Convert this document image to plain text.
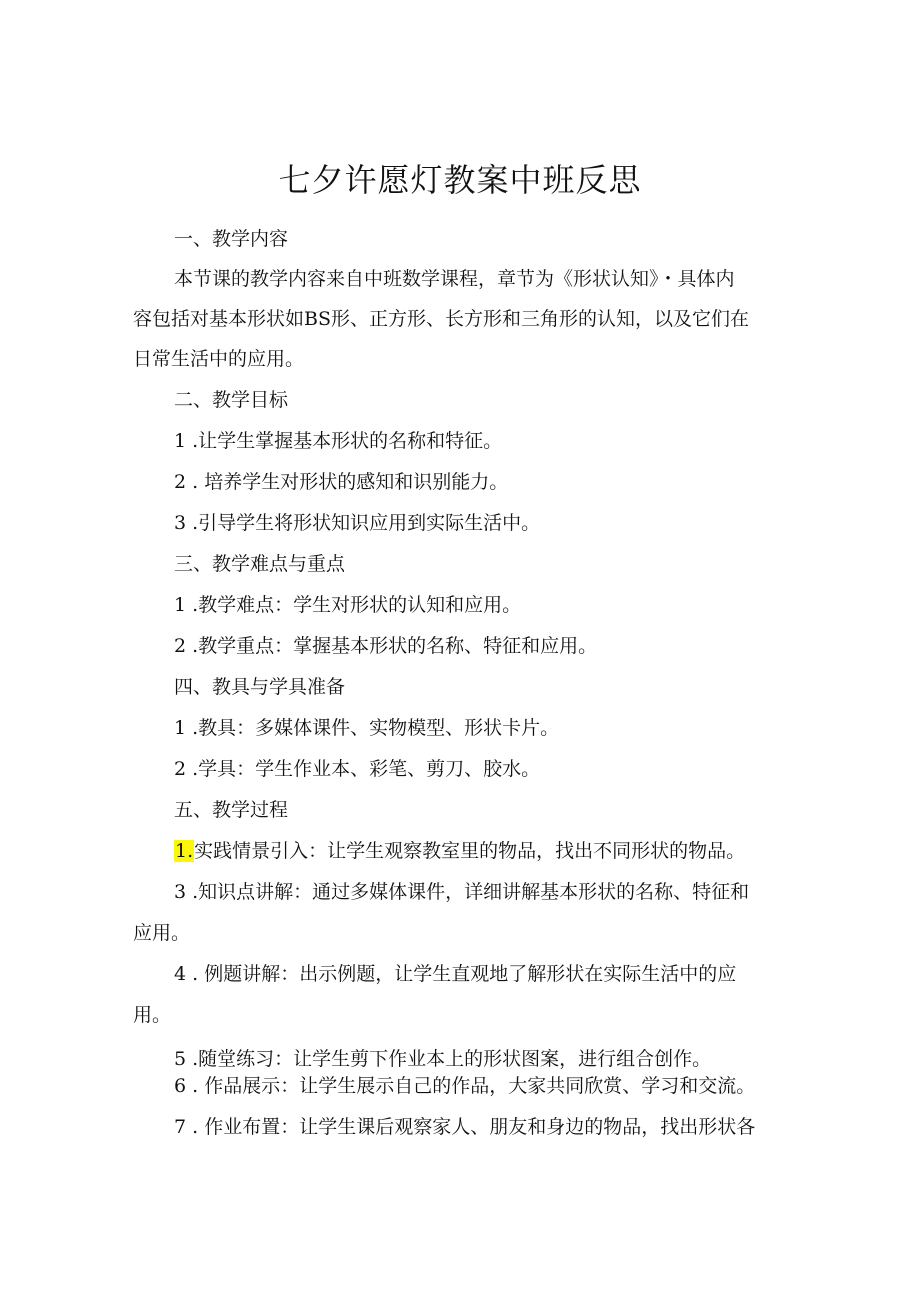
七夕许愿灯教案中班反思
一、教学内容
本节课的教学内容来自中班数学课程，章节为《形状认知》・具体内
容包括对基本形状如BS形、正方形、长方形和三角形的认知，以及它们在
日常生活中的应用。
二、教学目标
1 .让学生掌握基本形状的名称和特征。
2 . 培养学生对形状的感知和识别能力。
3 .引导学生将形状知识应用到实际生活中。
三、教学难点与重点
1 .教学难点：学生对形状的认知和应用。
2 .教学重点：掌握基本形状的名称、特征和应用。
四、教具与学具准备
1 .教具：多媒体课件、实物模型、形状卡片。
2 .学具：学生作业本、彩笔、剪刀、胶水。
五、教学过程
1.实践情景引入：让学生观察教室里的物品，找出不同形状的物品。
3 .知识点讲解：通过多媒体课件，详细讲解基本形状的名称、特征和
应用。
4 . 例题讲解：出示例题，让学生直观地了解形状在实际生活中的应
用。
5 .随堂练习：让学生剪下作业本上的形状图案，进行组合创作。
6 . 作品展示：让学生展示自己的作品，大家共同欣赏、学习和交流。
7 . 作业布置：让学生课后观察家人、朋友和身边的物品，找出形状各
